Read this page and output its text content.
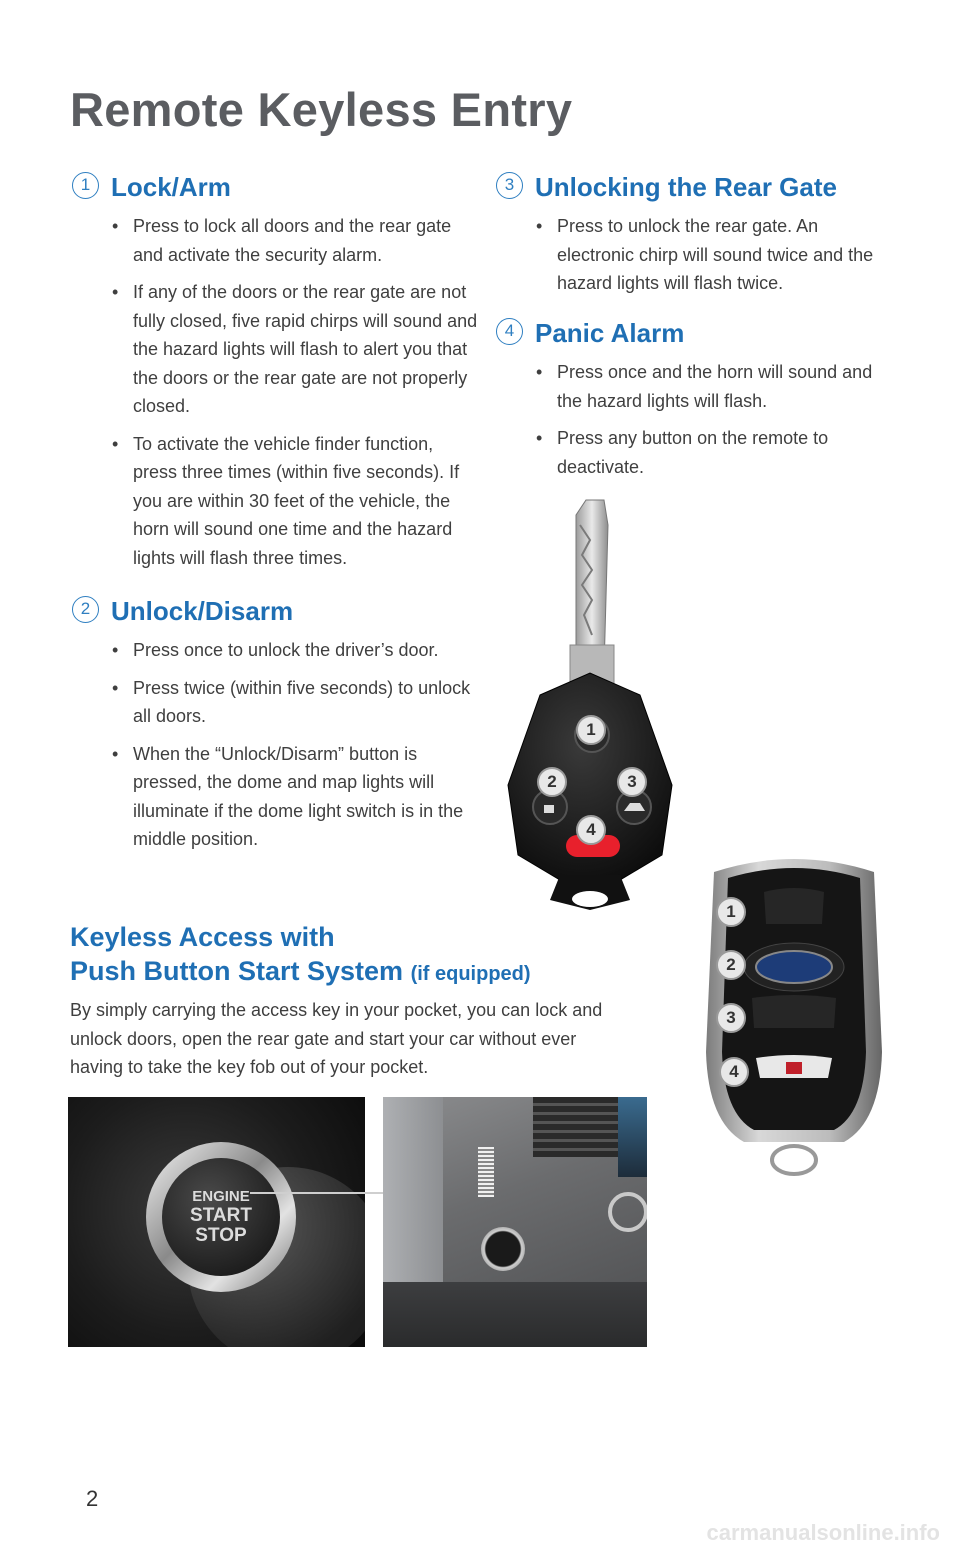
Remote Keyless Entry
1 Lock/Arm
• Press to lock all doors and the rear gate and activate the security alarm.
• If any of the doors or the rear gate are not fully closed, five rapid chirps will sound and the hazard lights will flash to alert you that the doors or the rear gate are not properly closed.
• To activate the vehicle finder function, press three times (within five seconds). If you are within 30 feet of the vehicle, the horn will sound one time and the hazard lights will flash three times.
2 Unlock/Disarm
• Press once to unlock the driver’s door.
• Press twice (within five seconds) to unlock all doors.
• When the “Unlock/Disarm” button is pressed, the dome and map lights will illuminate if the dome light switch is in the middle position.
3 Unlocking the Rear Gate
• Press to unlock the rear gate. An electronic chirp will sound twice and the hazard lights will flash twice.
4 Panic Alarm
• Press once and the horn will sound and the hazard lights will flash.
• Press any button on the remote to deactivate.
1
2	3
4
1
2
3
4
Keyless Access with
Push Button Start System (if equipped)
By simply carrying the access key in your pocket, you can lock and unlock doors, open the rear gate and start your car without ever having to take the key fob out of your pocket.
ENGINE
START
STOP
2
carmanualsonline.info
